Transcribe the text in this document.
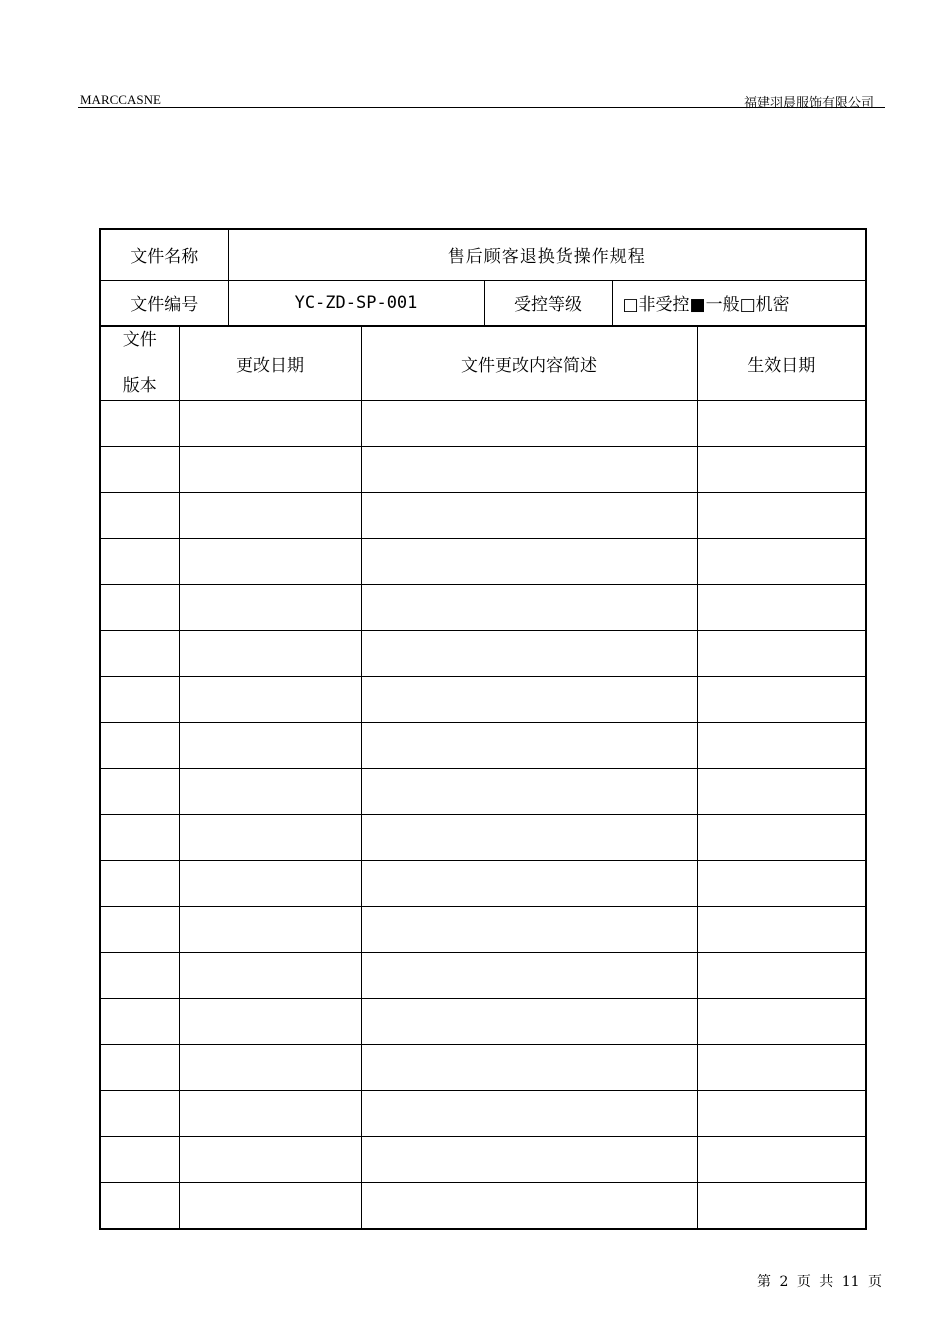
MARCCASNE	福建羽晨服饰有限公司
文件名称	售后顾客退换货操作规程		
文件编号	YC-ZD-SP-001	受控等级	□非受控■一般□机密
文件
版本	更改日期	文件更改内容简述	生效日期

第 2 页 共 11 页
